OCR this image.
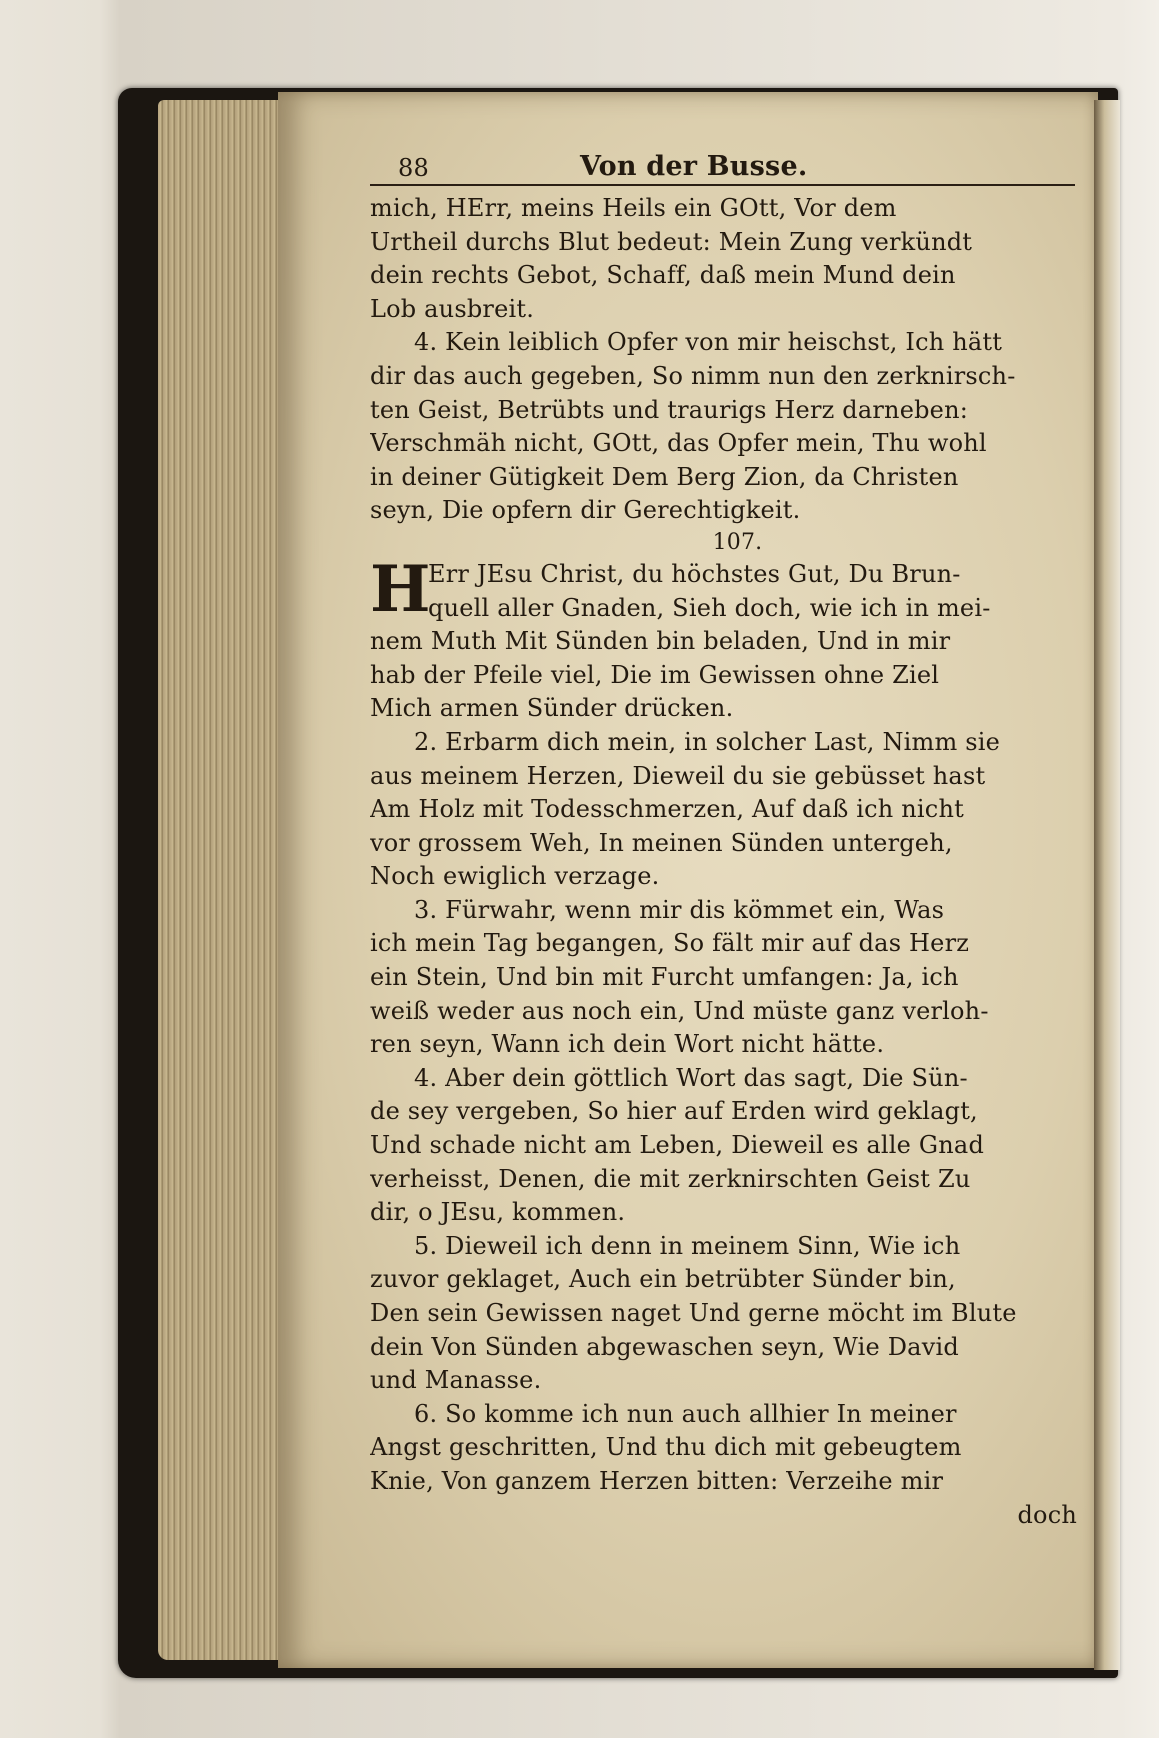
88	Von der Busse.
mich, HErr, meins Heils ein GOtt, Vor dem
Urtheil durchs Blut bedeut: Mein Zung verkündt
dein rechts Gebot, Schaff, daß mein Mund dein
Lob ausbreit.
4. Kein leiblich Opfer von mir heischst, Ich hätt
dir das auch gegeben, So nimm nun den zerknirsch-
ten Geist, Betrübts und traurigs Herz darneben:
Verschmäh nicht, GOtt, das Opfer mein, Thu wohl
in deiner Gütigkeit Dem Berg Zion, da Christen
seyn, Die opfern dir Gerechtigkeit.
107.
H
Err JEsu Christ, du höchstes Gut, Du Brun-
quell aller Gnaden, Sieh doch, wie ich in mei-
nem Muth Mit Sünden bin beladen, Und in mir
hab der Pfeile viel, Die im Gewissen ohne Ziel
Mich armen Sünder drücken.
2. Erbarm dich mein, in solcher Last, Nimm sie
aus meinem Herzen, Dieweil du sie gebüsset hast
Am Holz mit Todesschmerzen, Auf daß ich nicht
vor grossem Weh, In meinen Sünden untergeh,
Noch ewiglich verzage.
3. Fürwahr, wenn mir dis kömmet ein, Was
ich mein Tag begangen, So fält mir auf das Herz
ein Stein, Und bin mit Furcht umfangen: Ja, ich
weiß weder aus noch ein, Und müste ganz verloh-
ren seyn, Wann ich dein Wort nicht hätte.
4. Aber dein göttlich Wort das sagt, Die Sün-
de sey vergeben, So hier auf Erden wird geklagt,
Und schade nicht am Leben, Dieweil es alle Gnad
verheisst, Denen, die mit zerknirschten Geist Zu
dir, o JEsu, kommen.
5. Dieweil ich denn in meinem Sinn, Wie ich
zuvor geklaget, Auch ein betrübter Sünder bin,
Den sein Gewissen naget Und gerne möcht im Blute
dein Von Sünden abgewaschen seyn, Wie David
und Manasse.
6. So komme ich nun auch allhier In meiner
Angst geschritten, Und thu dich mit gebeugtem
Knie, Von ganzem Herzen bitten: Verzeihe mir
doch
